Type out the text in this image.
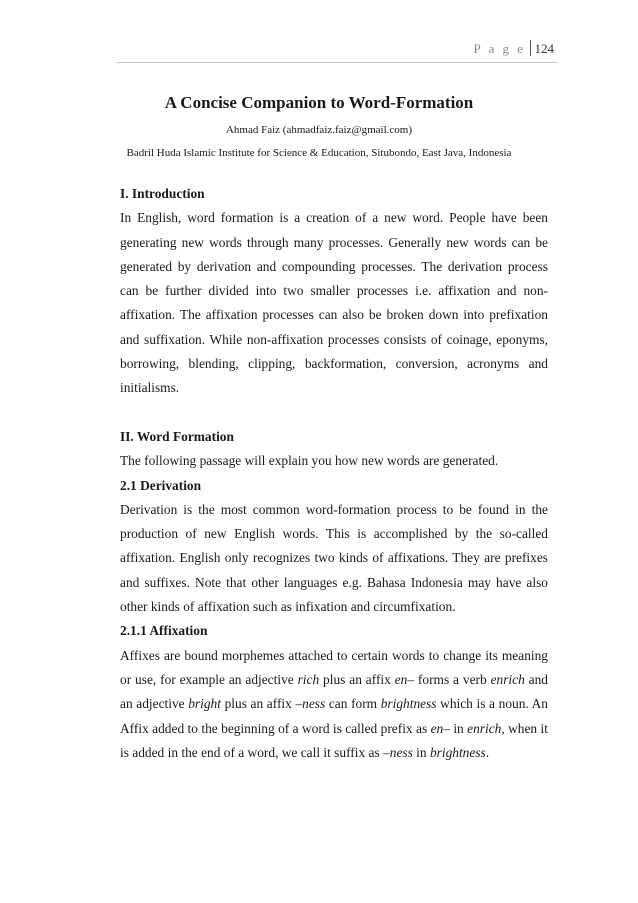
P a g e 124
A Concise Companion to Word-Formation
Ahmad Faiz (ahmadfaiz.faiz@gmail.com)
Badril Huda Islamic Institute for Science & Education, Situbondo, East Java, Indonesia
I. Introduction

In English, word formation is a creation of a new word. People have been generating new words through many processes. Generally new words can be generated by derivation and compounding processes. The derivation process can be further divided into two smaller processes i.e. affixation and non-affixation. The affixation processes can also be broken down into prefixation and suffixation. While non-affixation processes consists of coinage, eponyms, borrowing, blending, clipping, backformation, conversion, acronyms and initialisms.

II. Word Formation

The following passage will explain you how new words are generated.

2.1 Derivation

Derivation is the most common word-formation process to be found in the production of new English words. This is accomplished by the so-called affixation. English only recognizes two kinds of affixations. They are prefixes and suffixes. Note that other languages e.g. Bahasa Indonesia may have also other kinds of affixation such as infixation and circumfixation.

2.1.1 Affixation

Affixes are bound morphemes attached to certain words to change its meaning or use, for example an adjective rich plus an affix en– forms a verb enrich and an adjective bright plus an affix –ness can form brightness which is a noun. An Affix added to the beginning of a word is called prefix as en– in enrich, when it is added in the end of a word, we call it suffix as –ness in brightness.
